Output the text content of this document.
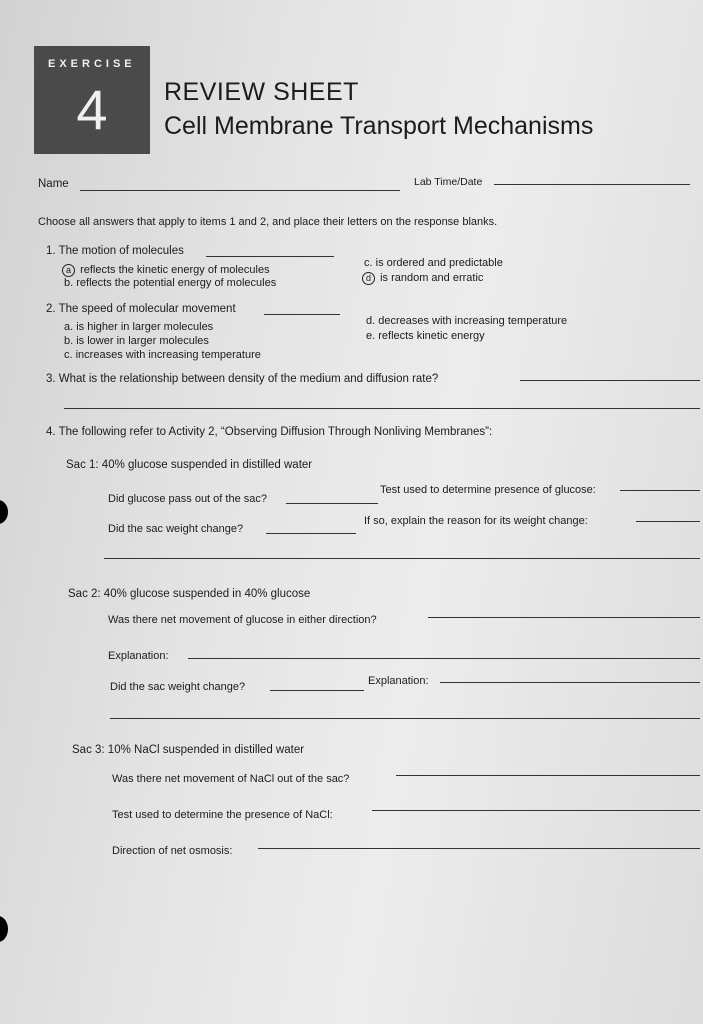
EXERCISE
4	REVIEW SHEET
Cell Membrane Transport Mechanisms
Name	Lab Time/Date
Choose all answers that apply to items 1 and 2, and place their letters on the response blanks.
1. The motion of molecules
a reflects the kinetic energy of molecules
b. reflects the potential energy of molecules
c. is ordered and predictable
d is random and erratic
2. The speed of molecular movement
a. is higher in larger molecules
b. is lower in larger molecules
c. increases with increasing temperature
d. decreases with increasing temperature
e. reflects kinetic energy
3. What is the relationship between density of the medium and diffusion rate?
4. The following refer to Activity 2, “Observing Diffusion Through Nonliving Membranes”:
Sac 1: 40% glucose suspended in distilled water
Did glucose pass out of the sac?
Test used to determine presence of glucose:
Did the sac weight change?
If so, explain the reason for its weight change:
Sac 2: 40% glucose suspended in 40% glucose
Was there net movement of glucose in either direction?
Explanation:
Did the sac weight change?	Explanation:
Sac 3: 10% NaCl suspended in distilled water
Was there net movement of NaCl out of the sac?
Test used to determine the presence of NaCl:
Direction of net osmosis:
